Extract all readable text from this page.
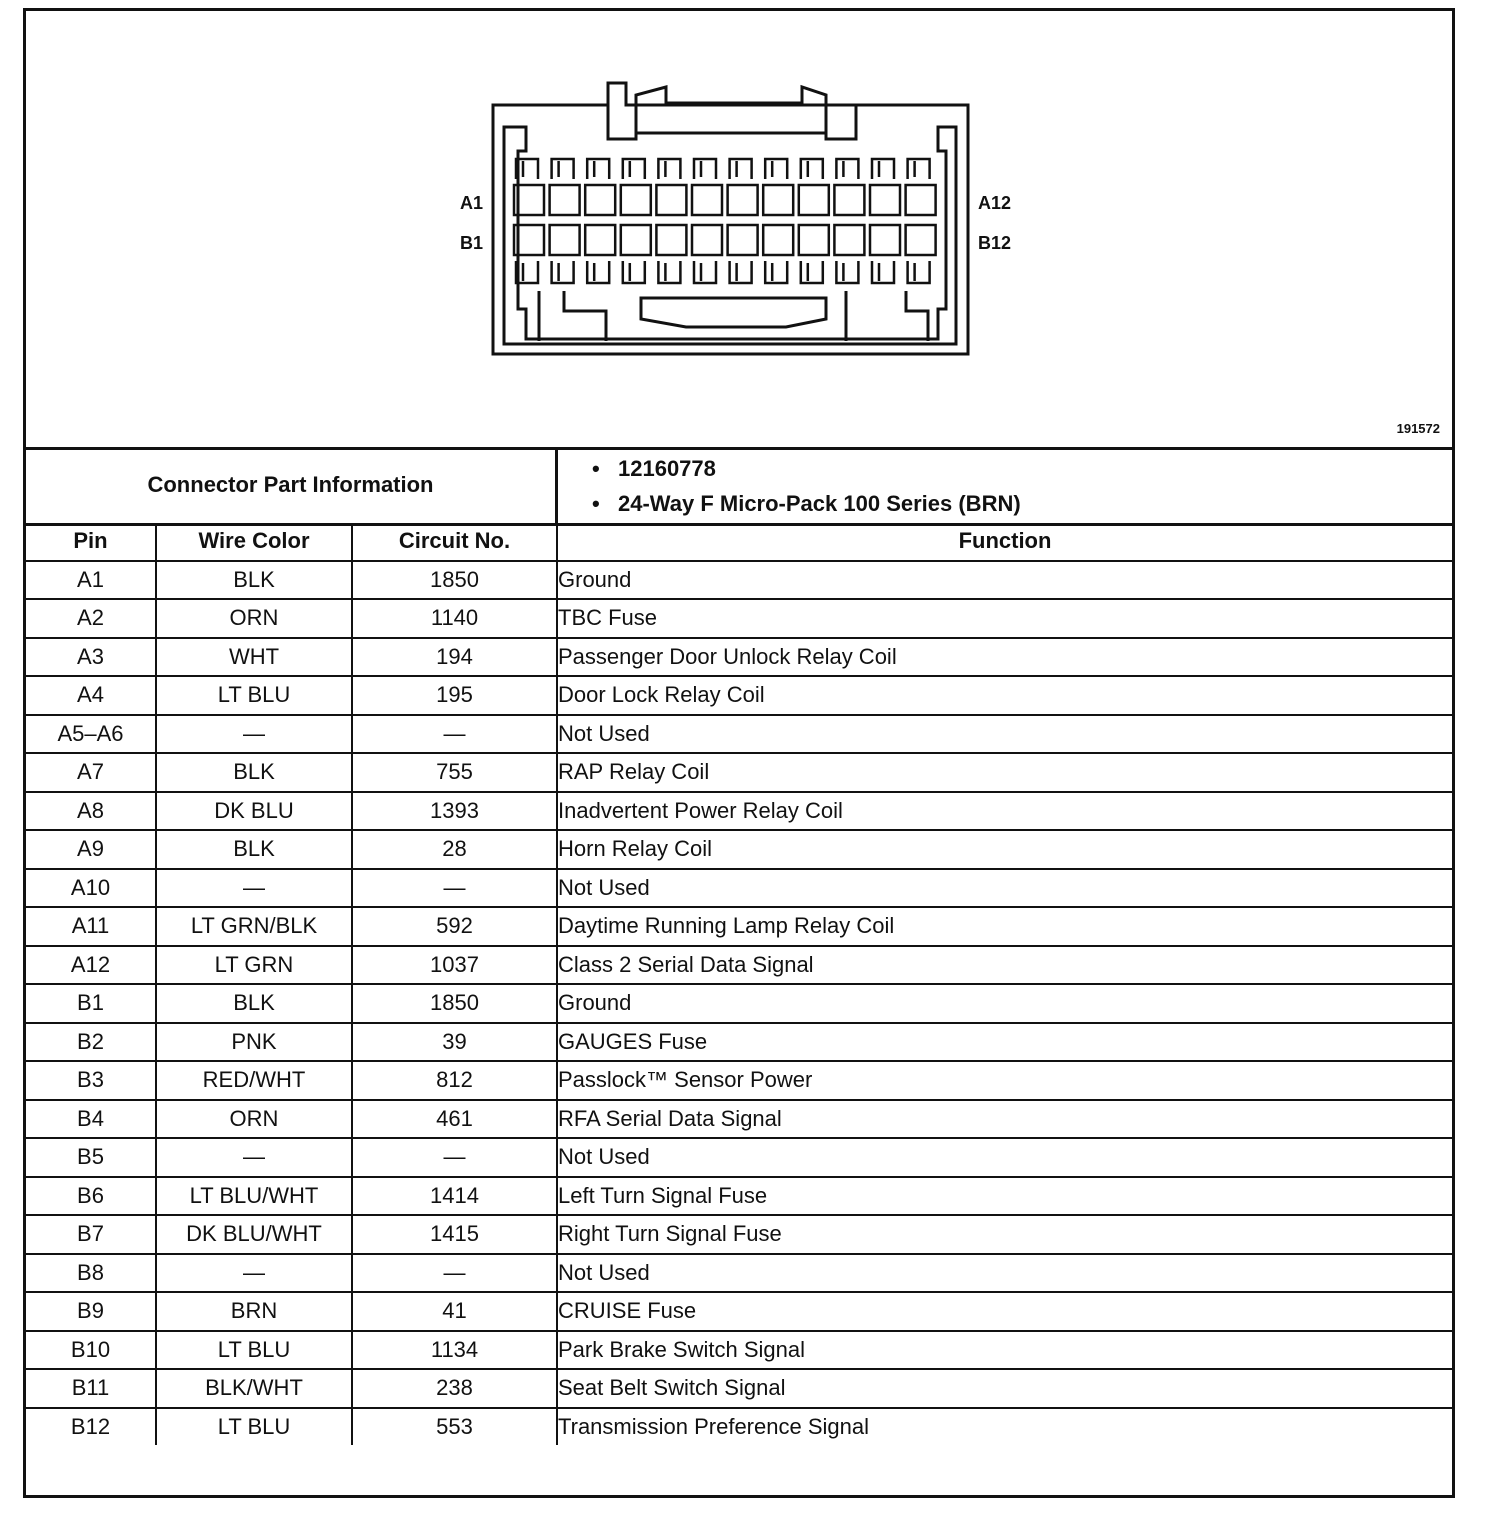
A1	A12
B1	B12
191572
Connector Part Information
• 12160778
• 24-Way F Micro-Pack 100 Series (BRN)
Pin	Wire Color	Circuit No.	Function
A1	BLK	1850	Ground
A2	ORN	1140	TBC Fuse
A3	WHT	194	Passenger Door Unlock Relay Coil
A4	LT BLU	195	Door Lock Relay Coil
A5–A6	—	—	Not Used
A7	BLK	755	RAP Relay Coil
A8	DK BLU	1393	Inadvertent Power Relay Coil
A9	BLK	28	Horn Relay Coil
A10	—	—	Not Used
A11	LT GRN/BLK	592	Daytime Running Lamp Relay Coil
A12	LT GRN	1037	Class 2 Serial Data Signal
B1	BLK	1850	Ground
B2	PNK	39	GAUGES Fuse
B3	RED/WHT	812	Passlock™ Sensor Power
B4	ORN	461	RFA Serial Data Signal
B5	—	—	Not Used
B6	LT BLU/WHT	1414	Left Turn Signal Fuse
B7	DK BLU/WHT	1415	Right Turn Signal Fuse
B8	—	—	Not Used
B9	BRN	41	CRUISE Fuse
B10	LT BLU	1134	Park Brake Switch Signal
B11	BLK/WHT	238	Seat Belt Switch Signal
B12	LT BLU	553	Transmission Preference Signal
